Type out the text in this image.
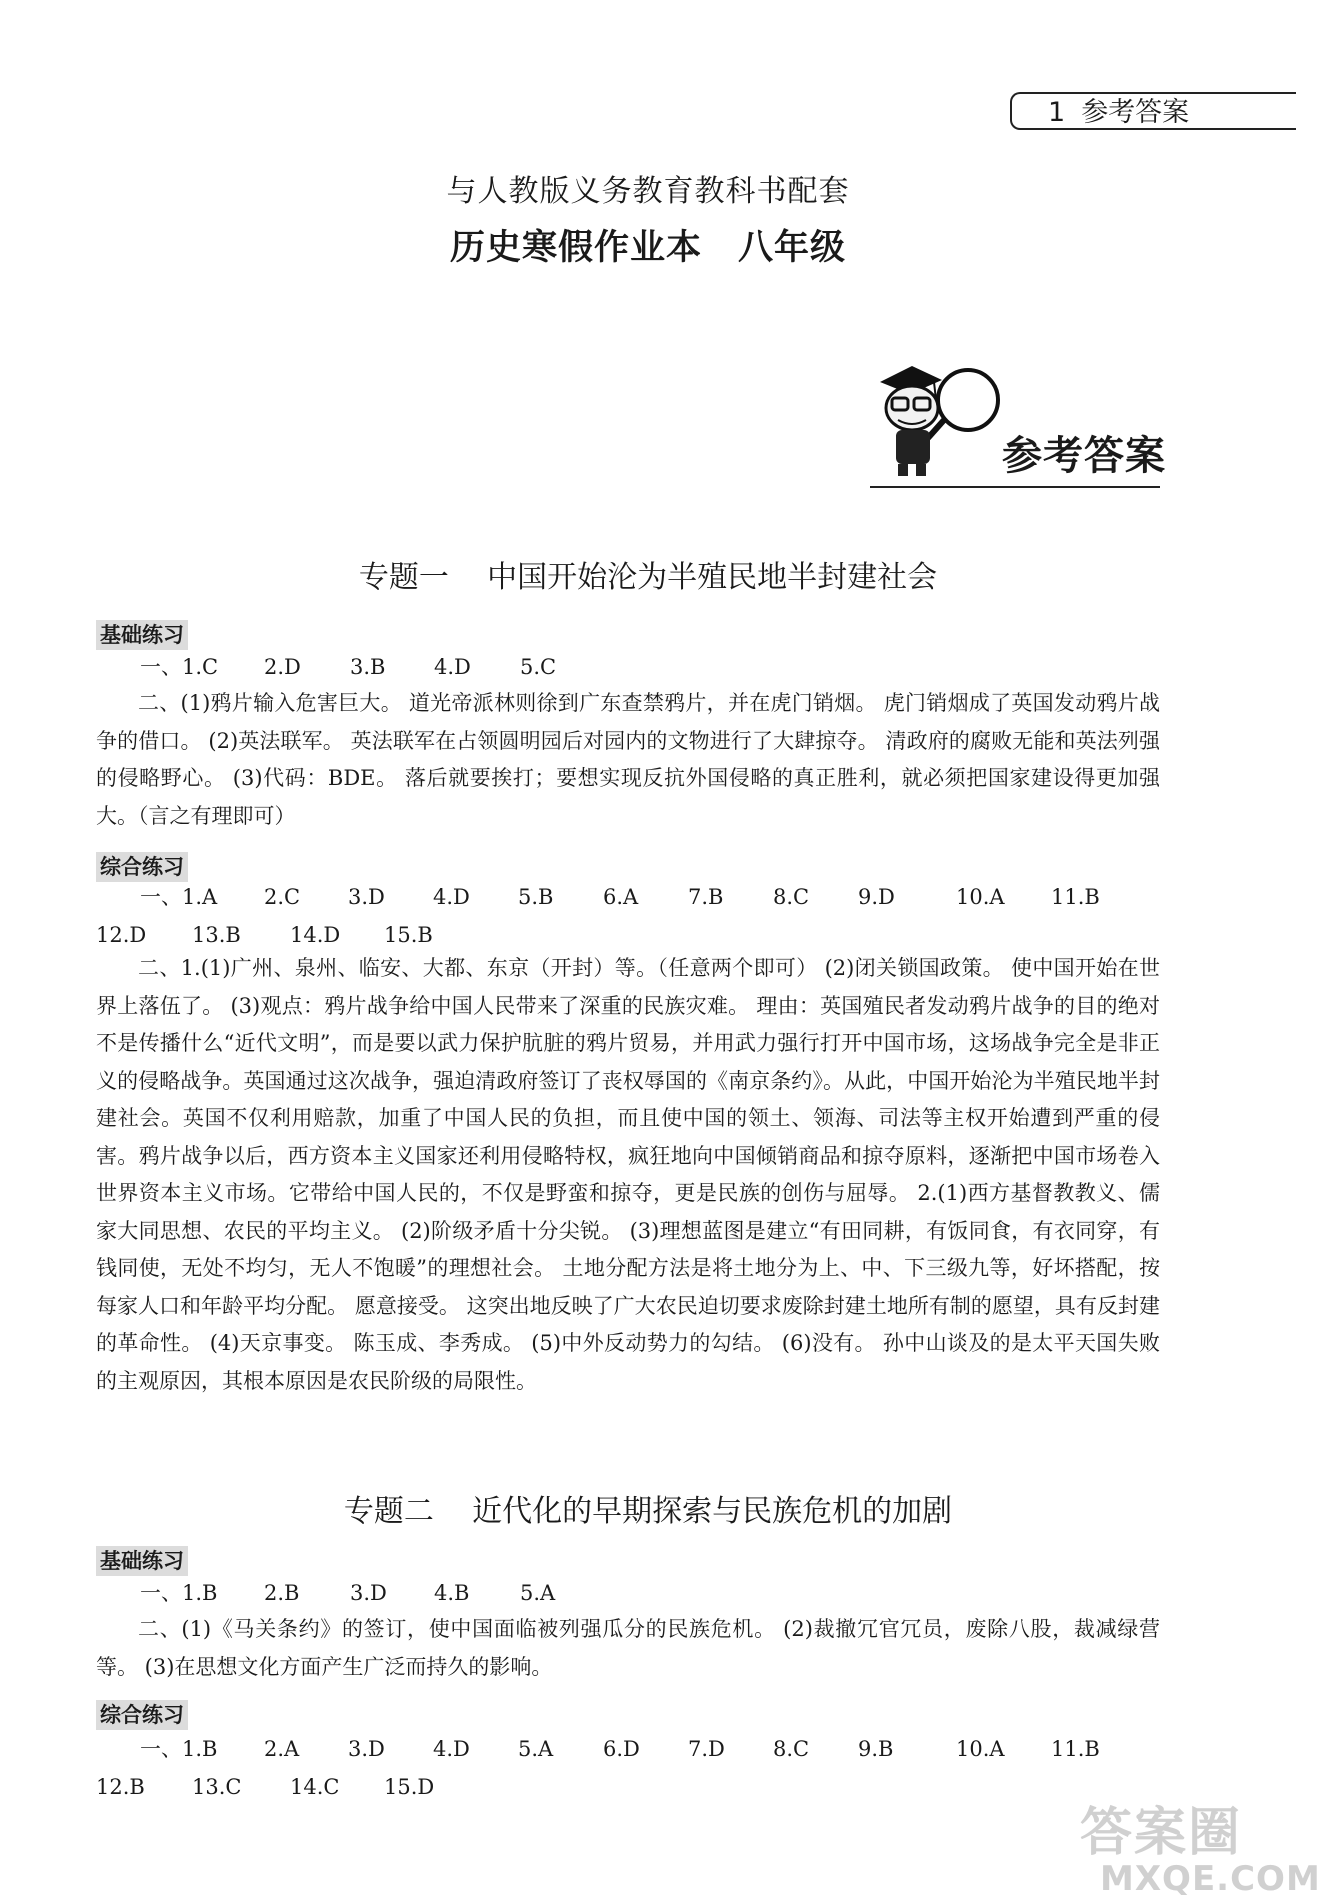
1 参考答案
与人教版义务教育教科书配套
历史寒假作业本 八年级
参考答案
专题一    中国开始沦为半殖民地半封建社会
基础练习
一、1.C	2.D	3.B	4.D	5.C
二、(1)鸦片输入危害巨大。 道光帝派林则徐到广东查禁鸦片，并在虎门销烟。 虎门销烟成了英国发动鸦片战争的借口。 (2)英法联军。 英法联军在占领圆明园后对园内的文物进行了大肆掠夺。 清政府的腐败无能和英法列强的侵略野心。 (3)代码：BDE。 落后就要挨打；要想实现反抗外国侵略的真正胜利，就必须把国家建设得更加强大。（言之有理即可）
综合练习
一、1.A	2.C	3.D	4.D	5.B	6.A	7.B	8.C	9.D	10.A	11.B
12.D	13.B	14.D	15.B
二、1.(1)广州、泉州、临安、大都、东京（开封）等。（任意两个即可） (2)闭关锁国政策。 使中国开始在世界上落伍了。 (3)观点：鸦片战争给中国人民带来了深重的民族灾难。 理由：英国殖民者发动鸦片战争的目的绝对不是传播什么“近代文明”，而是要以武力保护肮脏的鸦片贸易，并用武力强行打开中国市场，这场战争完全是非正义的侵略战争。英国通过这次战争，强迫清政府签订了丧权辱国的《南京条约》。从此，中国开始沦为半殖民地半封建社会。英国不仅利用赔款，加重了中国人民的负担，而且使中国的领土、领海、司法等主权开始遭到严重的侵害。鸦片战争以后，西方资本主义国家还利用侵略特权，疯狂地向中国倾销商品和掠夺原料，逐渐把中国市场卷入世界资本主义市场。它带给中国人民的，不仅是野蛮和掠夺，更是民族的创伤与屈辱。 2.(1)西方基督教教义、儒家大同思想、农民的平均主义。 (2)阶级矛盾十分尖锐。 (3)理想蓝图是建立“有田同耕，有饭同食，有衣同穿，有钱同使，无处不均匀，无人不饱暖”的理想社会。 土地分配方法是将土地分为上、中、下三级九等，好坏搭配，按每家人口和年龄平均分配。 愿意接受。 这突出地反映了广大农民迫切要求废除封建土地所有制的愿望，具有反封建的革命性。 (4)天京事变。 陈玉成、李秀成。 (5)中外反动势力的勾结。 (6)没有。 孙中山谈及的是太平天国失败的主观原因，其根本原因是农民阶级的局限性。
专题二    近代化的早期探索与民族危机的加剧
基础练习
一、1.B	2.B	3.D	4.B	5.A
二、(1)《马关条约》的签订，使中国面临被列强瓜分的民族危机。 (2)裁撤冗官冗员，废除八股，裁减绿营等。 (3)在思想文化方面产生广泛而持久的影响。
综合练习
一、1.B	2.A	3.D	4.D	5.A	6.D	7.D	8.C	9.B	10.A	11.B
12.B	13.C	14.C	15.D
答案圈
MXQE.COM
